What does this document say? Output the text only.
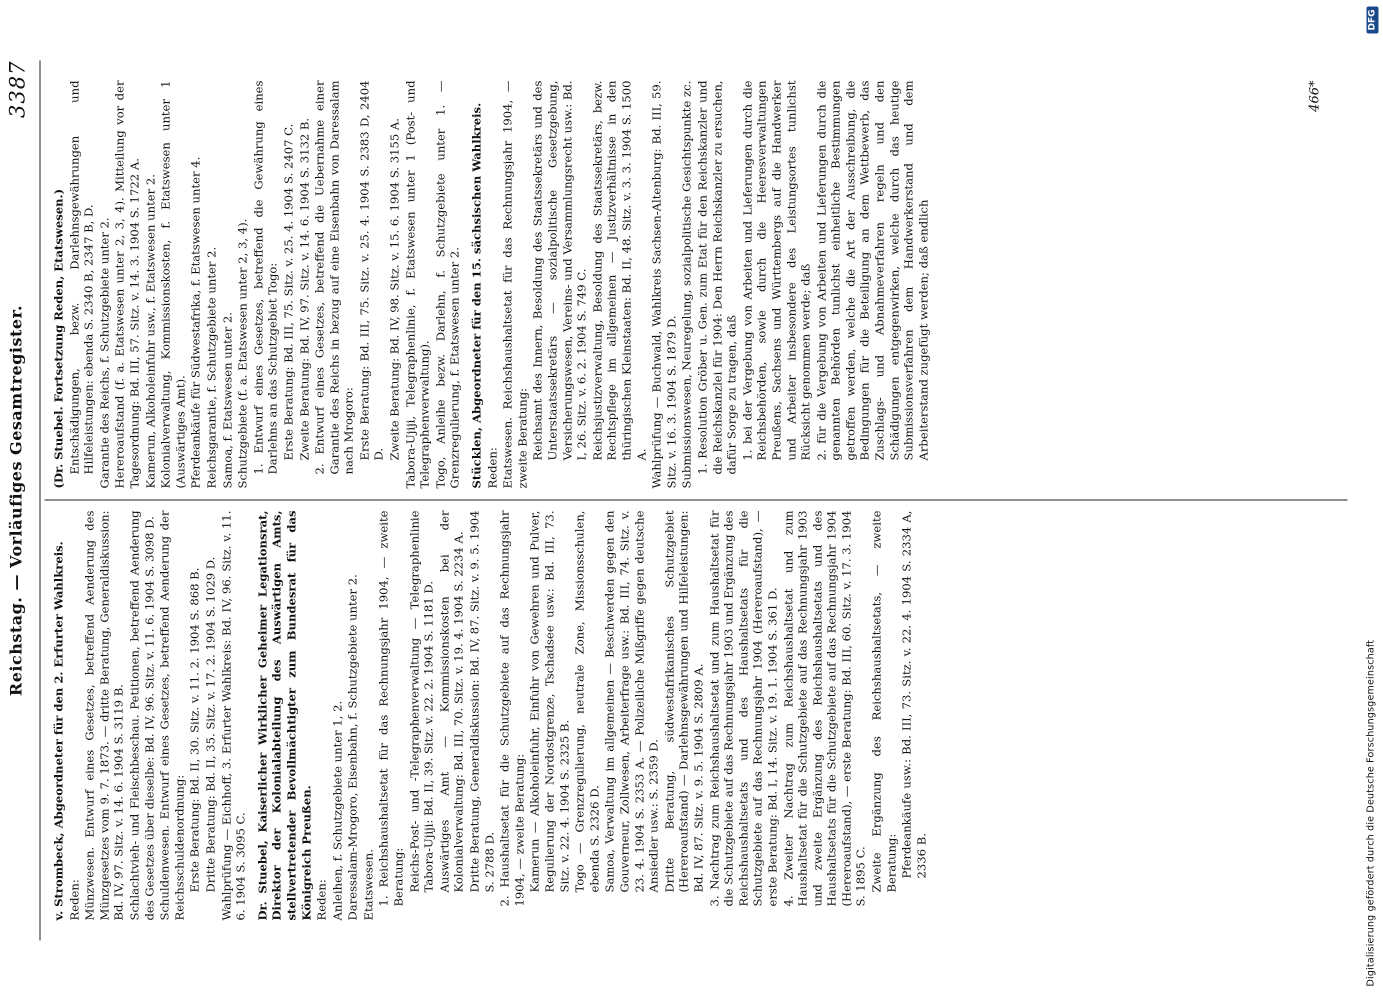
Reichstag. — Vorläufiges Gesamtregister.
3387
v. Strombeck, Abgeordneter für den 2. Erfurter Wahlkreis. Reden: Münzwesen. Entwurf eines Gesetzes, betreffend Aenderung des Münzgesetzes vom 9. 7. 1873. — dritte Beratung, Generaldiskussion: Bd. IV, 97. Sitz. v. 14. 6. 1904 S. 3119 B. Schlachtvieh- und Fleischbeschau. Petitionen, betreffend Aenderung des Gesetzes über dieselbe: Bd. IV, 96. Sitz. v. 11. 6. 1904 S. 3098 D. Schuldenwesen. Entwurf eines Gesetzes, betreffend Aenderung der Reichsschuldenordnung: Erste Beratung: Bd. II, 30. Sitz. v. 11. 2. 1904 S. 868 B. Dritte Beratung: Bd. II, 35. Sitz. v. 17. 2. 1904 S. 1029 D. Wahlprüfung — Eichhoff, 3. Erfurter Wahlkreis: Bd. IV, 96. Sitz. v. 11. 6. 1904 S. 3095 C. Dr. Stuebel, Kaiserlicher Wirklicher Geheimer Legationsrat, Direktor der Kolonialabteilung des Auswärtigen Amts, stellvertretender Bevollmächtigter zum Bundesrat für das Königreich Preußen. Reden: Anleihen, f. Schutzgebiete unter 1, 2. Daressalam-Mrogoro, Eisenbahn, f. Schutzgebiete unter 2. Etatswesen. 1. Reichshaushaltsetat für das Rechnungsjahr 1904, — zweite Beratung: Reichs-Post- und -Telegraphenverwaltung — Telegraphenlinie Tabora-Ujiji: Bd. II, 39. Sitz. v. 22. 2. 1904 S. 1181 D. Auswärtiges Amt — Kommissionskosten bei der Kolonialverwaltung: Bd. III, 70. Sitz. v. 19. 4. 1904 S. 2234 A. Dritte Beratung, Generaldiskussion: Bd. IV, 87. Sitz. v. 9. 5. 1904 S. 2788 D. 2. Haushaltsetat für die Schutzgebiete auf das Rechnungsjahr 1904, — zweite Beratung: Kamerun — Alkoholeinfuhr, Einfuhr von Gewehren und Pulver, Regulierung der Nordostgrenze, Tschadsee usw.: Bd. III, 73. Sitz. v. 22. 4. 1904 S. 2325 B. Togo — Grenzregulierung, neutrale Zone, Missionsschulen, ebenda S. 2326 D. Samoa, Verwaltung im allgemeinen — Beschwerden gegen den Gouverneur, Zollwesen, Arbeiterfrage usw.: Bd. III, 74. Sitz. v. 23. 4. 1904 S. 2353 A. — Polizeiliche Mißgriffe gegen deutsche Ansiedler usw.: S. 2359 D. Dritte Beratung, südwestafrikanisches Schutzgebiet (Hereroaufstand) — Darlehnsgewährungen und Hilfeleistungen: Bd. IV, 87. Sitz. v. 9. 5. 1904 S. 2809 A. 3. Nachtrag zum Reichshaushaltsetat und zum Haushaltsetat für die Schutzgebiete auf das Rechnungsjahr 1903 und Ergänzung des Reichshaushaltsetats und des Haushaltsetats für die Schutzgebiete auf das Rechnungsjahr 1904 (Hereroaufstand), — erste Beratung: Bd. I, 14. Sitz. v. 19. 1. 1904 S. 361 D. 4. Zweiter Nachtrag zum Reichshaushaltsetat und zum Haushaltsetat für die Schutzgebiete auf das Rechnungsjahr 1903 und zweite Ergänzung des Reichshaushaltsetats und des Haushaltsetats für die Schutzgebiete auf das Rechnungsjahr 1904 (Hereroaufstand), — erste Beratung: Bd. III, 60. Sitz. v. 17. 3. 1904 S. 1895 C. Zweite Ergänzung des Reichshaushaltsetats, — zweite Beratung: Pferdeankäufe usw.: Bd. III, 73. Sitz. v. 22. 4. 1904 S. 2334 A, 2336 B.
(Dr. Stuebel. Fortsetzung Reden, Etatswesen.) Entschädigungen, bezw. Darlehnsgewährungen und Hilfeleistungen: ebenda S. 2340 B, 2347 B, D. Garantie des Reichs, f. Schutzgebiete unter 2. Hereroaufstand (f. a. Etatswesen unter 2, 3, 4). Mitteilung vor der Tagesordnung: Bd. III, 57. Sitz. v. 14. 3. 1904 S. 1722 A. Kamerun, Alkoholeinfuhr usw., f. Etatswesen unter 2. Kolonialverwaltung, Kommissionskosten, f. Etatswesen unter 1 (Auswärtiges Amt). Pferdeankäufe für Südwestafrika, f. Etatswesen unter 4. Reichsgarantie, f. Schutzgebiete unter 2. Samoa, f. Etatswesen unter 2. Schutzgebiete (f. a. Etatswesen unter 2, 3, 4). 1. Entwurf eines Gesetzes, betreffend die Gewährung eines Darlehns an das Schutzgebiet Togo: Erste Beratung: Bd. III, 75. Sitz. v. 25. 4. 1904 S. 2407 C. Zweite Beratung: Bd. IV, 97. Sitz. v. 14. 6. 1904 S. 3132 B. 2. Entwurf eines Gesetzes, betreffend die Uebernahme einer Garantie des Reichs in bezug auf eine Eisenbahn von Daressalam nach Mrogoro: Erste Beratung: Bd. III, 75. Sitz. v. 25. 4. 1904 S. 2383 D, 2404 D. Zweite Beratung: Bd. IV, 98. Sitz. v. 15. 6. 1904 S. 3155 A. Tabora-Ujiji, Telegraphenlinie, f. Etatswesen unter 1 (Post- und Telegraphenverwaltung). Togo, Anleihe bezw. Darlehn, f. Schutzgebiete unter 1. — Grenzregulierung, f. Etatswesen unter 2. Stücklen, Abgeordneter für den 15. sächsischen Wahlkreis. Reden: Etatswesen. Reichshaushaltsetat für das Rechnungsjahr 1904, — zweite Beratung: Reichsamt des Innern, Besoldung des Staatssekretärs und des Unterstaatssekretärs — sozialpolitische Gesetzgebung, Versicherungswesen, Vereins- und Versammlungsrecht usw.: Bd. I, 26. Sitz. v. 6. 2. 1904 S. 749 C. Reichsjustizverwaltung, Besoldung des Staatssekretärs, bezw. Rechtspflege im allgemeinen — Justizverhältnisse in den thüringischen Kleinstaaten: Bd. II, 48. Sitz. v. 3. 3. 1904 S. 1500 A. Wahlprüfung — Buchwald, Wahlkreis Sachsen-Altenburg: Bd. III, 59. Sitz. v. 16. 3. 1904 S. 1879 D. Submissionswesen, Neuregelung, sozialpolitische Gesichtspunkte zc. 1. Resolution Gröber u. Gen. zum Etat für den Reichskanzler und die Reichskanzlei für 1904: Den Herrn Reichskanzler zu ersuchen, dafür Sorge zu tragen, daß 1. bei der Vergebung von Arbeiten und Lieferungen durch die Reichsbehörden, sowie durch die Heeresverwaltungen Preußens, Sachsens und Württembergs auf die Handwerker und Arbeiter insbesondere des Leistungsortes tunlichst Rücksicht genommen werde; daß 2. für die Vergebung von Arbeiten und Lieferungen durch die genannten Behörden tunlichst einheitliche Bestimmungen getroffen werden, welche die Art der Ausschreibung, die Bedingungen für die Beteiligung an dem Wettbewerb, das Zuschlags- und Abnahmeverfahren regeln und den Schädigungen entgegenwirken, welche durch das heutige Submissionsverfahren dem Handwerkerstand und dem Arbeiterstand zugefügt werden; daß endlich
466*
Digitalisierung gefördert durch die Deutsche Forschungsgemeinschaft
DFG
